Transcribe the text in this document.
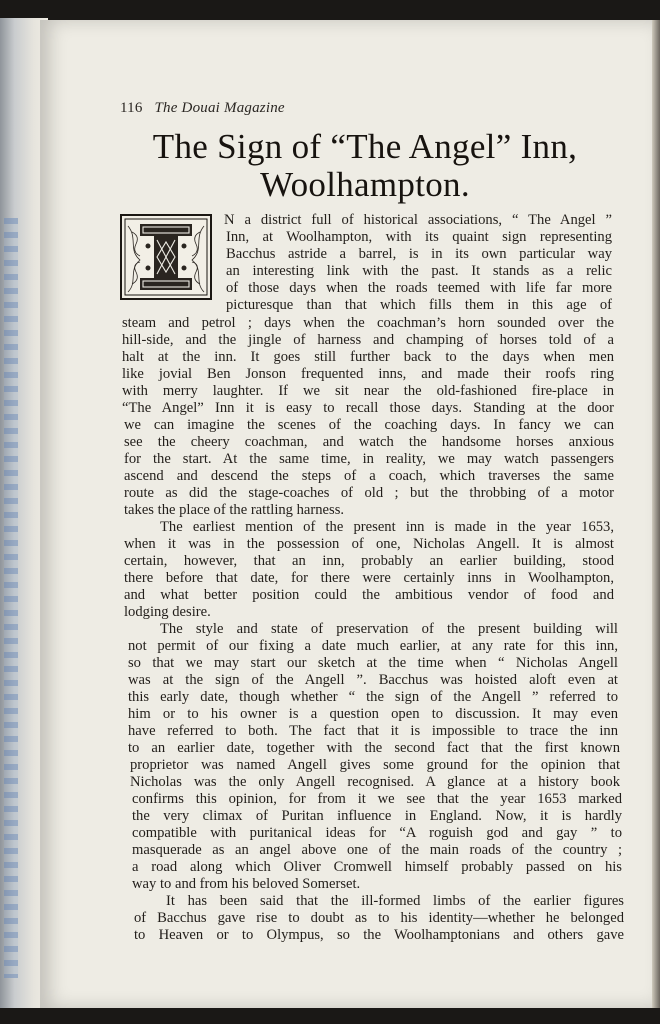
116 The Douai Magazine
The Sign of “The Angel” Inn,
Woolhampton.
N a district full of historical associations, “ The Angel ”
Inn, at Woolhampton, with its quaint sign representing
Bacchus astride a barrel, is in its own particular way
an interesting link with the past. It stands as a relic
of those days when the roads teemed with life far more
picturesque than that which fills them in this age of
steam and petrol ; days when the coachman’s horn sounded over the
hill-side, and the jingle of harness and champing of horses told of a
halt at the inn. It goes still further back to the days when men
like jovial Ben Jonson frequented inns, and made their roofs ring
with merry laughter. If we sit near the old-fashioned fire-place in
“The Angel” Inn it is easy to recall those days. Standing at the door
we can imagine the scenes of the coaching days. In fancy we can
see the cheery coachman, and watch the handsome horses anxious
for the start. At the same time, in reality, we may watch passengers
ascend and descend the steps of a coach, which traverses the same
route as did the stage-coaches of old ; but the throbbing of a motor
takes the place of the rattling harness.
The earliest mention of the present inn is made in the year 1653,
when it was in the possession of one, Nicholas Angell. It is almost
certain, however, that an inn, probably an earlier building, stood
there before that date, for there were certainly inns in Woolhampton,
and what better position could the ambitious vendor of food and
lodging desire.
The style and state of preservation of the present building will
not permit of our fixing a date much earlier, at any rate for this inn,
so that we may start our sketch at the time when “ Nicholas Angell
was at the sign of the Angell ”. Bacchus was hoisted aloft even at
this early date, though whether “ the sign of the Angell ” referred to
him or to his owner is a question open to discussion. It may even
have referred to both. The fact that it is impossible to trace the inn
to an earlier date, together with the second fact that the first known
proprietor was named Angell gives some ground for the opinion that
Nicholas was the only Angell recognised. A glance at a history book
confirms this opinion, for from it we see that the year 1653 marked
the very climax of Puritan influence in England. Now, it is hardly
compatible with puritanical ideas for “A roguish god and gay ” to
masquerade as an angel above one of the main roads of the country ;
a road along which Oliver Cromwell himself probably passed on his
way to and from his beloved Somerset.
It has been said that the ill-formed limbs of the earlier figures
of Bacchus gave rise to doubt as to his identity—whether he belonged
to Heaven or to Olympus, so the Woolhamptonians and others gave
